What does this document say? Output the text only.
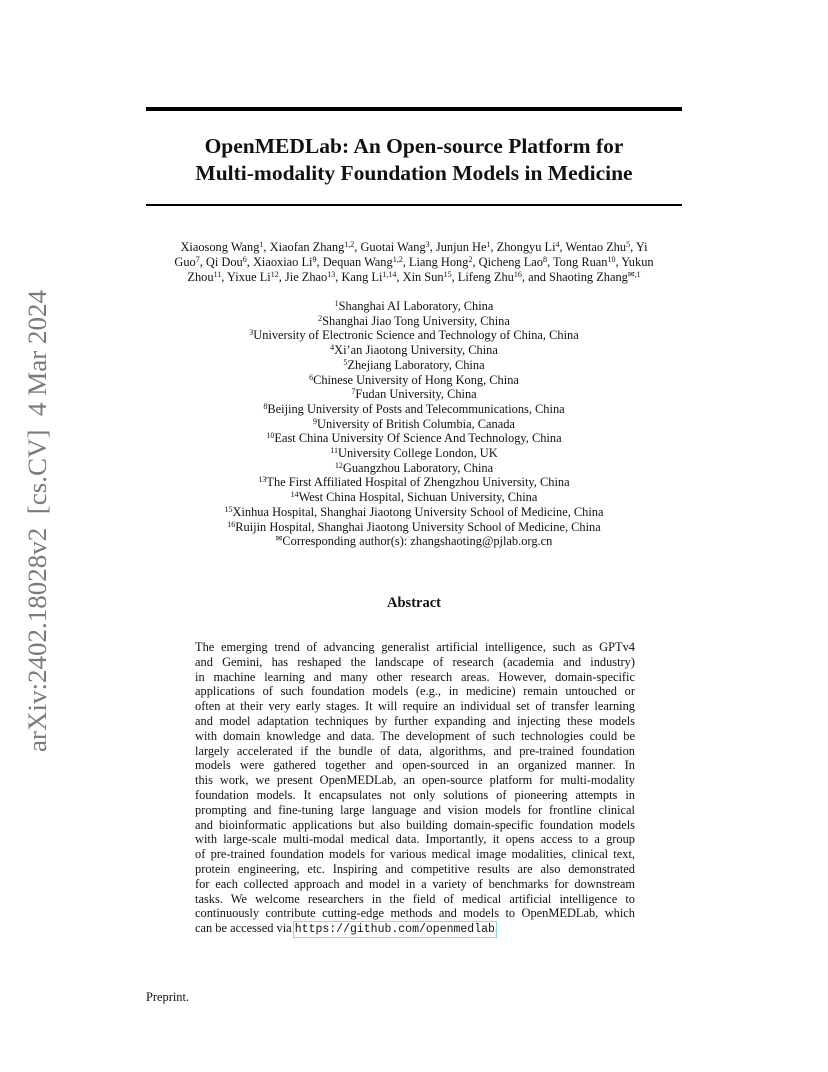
arXiv:2402.18028v2  [cs.CV]  4 Mar 2024
OpenMEDLab: An Open-source Platform for
Multi-modality Foundation Models in Medicine
Xiaosong Wang$^1$, Xiaofan Zhang$^{1,2}$, Guotai Wang$^3$, Junjun He$^1$, Zhongyu Li$^4$, Wentao Zhu$^5$, Yi
Guo$^7$, Qi Dou$^6$, Xiaoxiao Li$^9$, Dequan Wang$^{1,2}$, Liang Hong$^2$, Qicheng Lao$^8$, Tong Ruan$^{10}$, Yukun
Zhou$^{11}$, Yixue Li$^{12}$, Jie Zhao$^{13}$, Kang Li$^{1,14}$, Xin Sun$^{15}$, Lifeng Zhu$^{16}$, and Shaoting Zhang$^{✉,1}$
$^1$Shanghai AI Laboratory, China
$^2$Shanghai Jiao Tong University, China
$^3$University of Electronic Science and Technology of China, China
$^4$Xi’an Jiaotong University, China
$^5$Zhejiang Laboratory, China
$^6$Chinese University of Hong Kong, China
$^7$Fudan University, China
$^8$Beijing University of Posts and Telecommunications, China
$^9$University of British Columbia, Canada
$^{10}$East China University Of Science And Technology, China
$^{11}$University College London, UK
$^{12}$Guangzhou Laboratory, China
$^{13}$The First Affiliated Hospital of Zhengzhou University, China
$^{14}$West China Hospital, Sichuan University, China
$^{15}$Xinhua Hospital, Shanghai Jiaotong University School of Medicine, China
$^{16}$Ruijin Hospital, Shanghai Jiaotong University School of Medicine, China
✉Corresponding author(s): zhangshaoting@pjlab.org.cn
Abstract
The emerging trend of advancing generalist artificial intelligence, such as GPTv4
and Gemini, has reshaped the landscape of research (academia and industry)
in machine learning and many other research areas. However, domain-specific
applications of such foundation models (e.g., in medicine) remain untouched or
often at their very early stages. It will require an individual set of transfer learning
and model adaptation techniques by further expanding and injecting these models
with domain knowledge and data. The development of such technologies could be
largely accelerated if the bundle of data, algorithms, and pre-trained foundation
models were gathered together and open-sourced in an organized manner. In
this work, we present OpenMEDLab, an open-source platform for multi-modality
foundation models. It encapsulates not only solutions of pioneering attempts in
prompting and fine-tuning large language and vision models for frontline clinical
and bioinformatic applications but also building domain-specific foundation models
with large-scale multi-modal medical data. Importantly, it opens access to a group
of pre-trained foundation models for various medical image modalities, clinical text,
protein engineering, etc. Inspiring and competitive results are also demonstrated
for each collected approach and model in a variety of benchmarks for downstream
tasks. We welcome researchers in the field of medical artificial intelligence to
continuously contribute cutting-edge methods and models to OpenMEDLab, which
can be accessed via https://github.com/openmedlab.
Preprint.
